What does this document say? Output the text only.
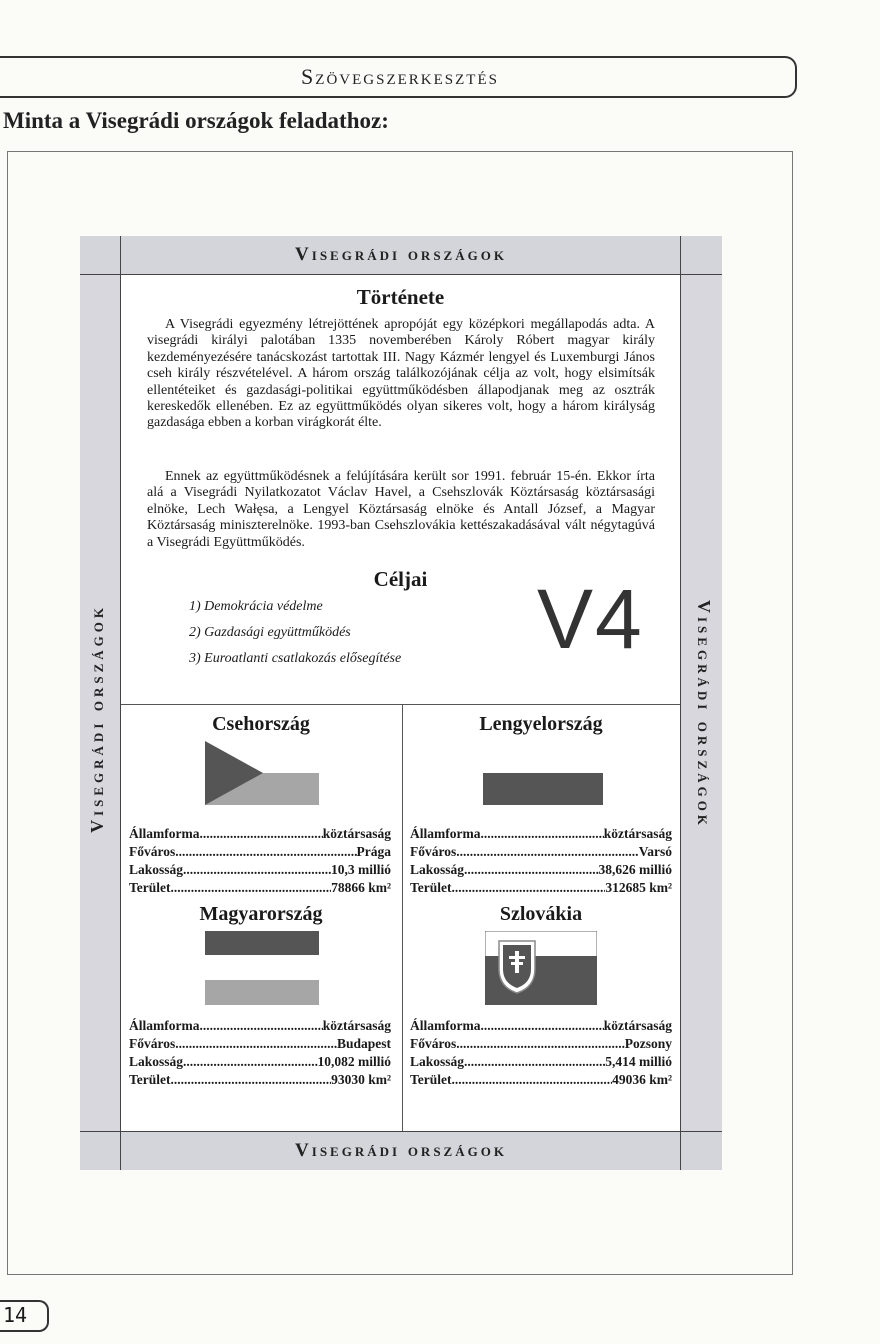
Szövegszerkesztés
Minta a Visegrádi országok feladathoz:
Visegrádi országok
Visegrádi országok
Visegrádi országok	Visegrádi országok
Története
A Visegrádi egyezmény létrejöttének apropóját egy középkori megállapodás adta. A visegrádi királyi palotában 1335 novemberében Károly Róbert magyar király kezdeményezésére tanácskozást tartottak III. Nagy Kázmér lengyel és Luxemburgi János cseh király részvételével. A három ország találkozójának célja az volt, hogy elsimítsák ellentéteiket és gazdasági-politikai együttműködésben állapodjanak meg az osztrák kereskedők ellenében. Ez az együttműködés olyan sikeres volt, hogy a három királyság gazdasága ebben a korban virágkorát élte.
Ennek az együttműködésnek a felújítására került sor 1991. február 15-én. Ekkor írta alá a Visegrádi Nyilatkozatot Václav Havel, a Csehszlovák Köztársaság köztársasági elnöke, Lech Wałęsa, a Lengyel Köztársaság elnöke és Antall József, a Magyar Köztársaság miniszterelnöke. 1993-ban Csehszlovákia kettészakadásával vált négytagúvá a Visegrádi Együttműködés.
Céljai
1) Demokrácia védelme
2) Gazdasági együttműködés
3) Euroatlanti csatlakozás elősegítése V4
Csehország
Államforma .....	köztársaság
Főváros .....	Prága
Lakosság .....	10,3 millió
Terület .....	78866 km²
Lengyelország
Államforma .....	köztársaság
Főváros .....	Varsó
Lakosság .....	38,626 millió
Terület .....	312685 km²
Magyarország
Államforma .....	köztársaság
Főváros .....	Budapest
Lakosság .....	10,082 millió
Terület .....	93030 km²
Szlovákia
Államforma .....	köztársaság
Főváros .....	Pozsony
Lakosság .....	5,414 millió
Terület .....	49036 km²
14
